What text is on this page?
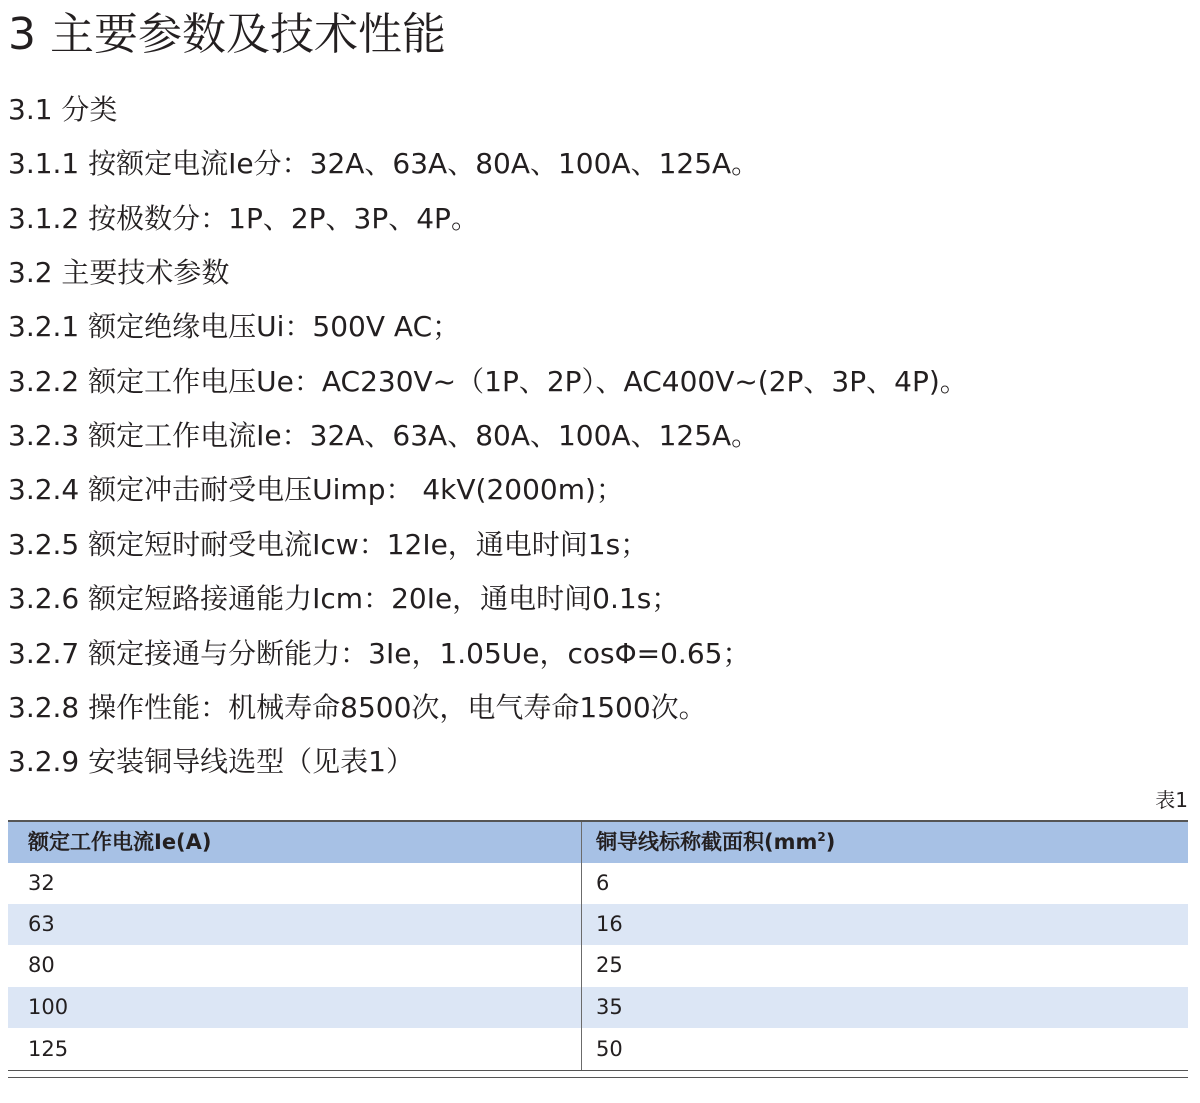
3 主要参数及技术性能
3.1 分类
3.1.1 按额定电流Ie分：32A、63A、80A、100A、125A。
3.1.2 按极数分：1P、2P、3P、4P。
3.2 主要技术参数
3.2.1 额定绝缘电压Ui：500V AC；
3.2.2 额定工作电压Ue：AC230V~（1P、2P）、AC400V~(2P、3P、4P)。
3.2.3 额定工作电流Ie：32A、63A、80A、100A、125A。
3.2.4 额定冲击耐受电压Uimp： 4kV(2000m)；
3.2.5 额定短时耐受电流Icw：12Ie，通电时间1s；
3.2.6 额定短路接通能力Icm：20Ie，通电时间0.1s；
3.2.7 额定接通与分断能力：3Ie，1.05Ue，cosΦ=0.65；
3.2.8 操作性能：机械寿命8500次，电气寿命1500次。
3.2.9 安装铜导线选型（见表1）
表1
额定工作电流Ie(A)	铜导线标称截面积$(mm^2)$
32	6
63	16
80	25
100	35
125	50
